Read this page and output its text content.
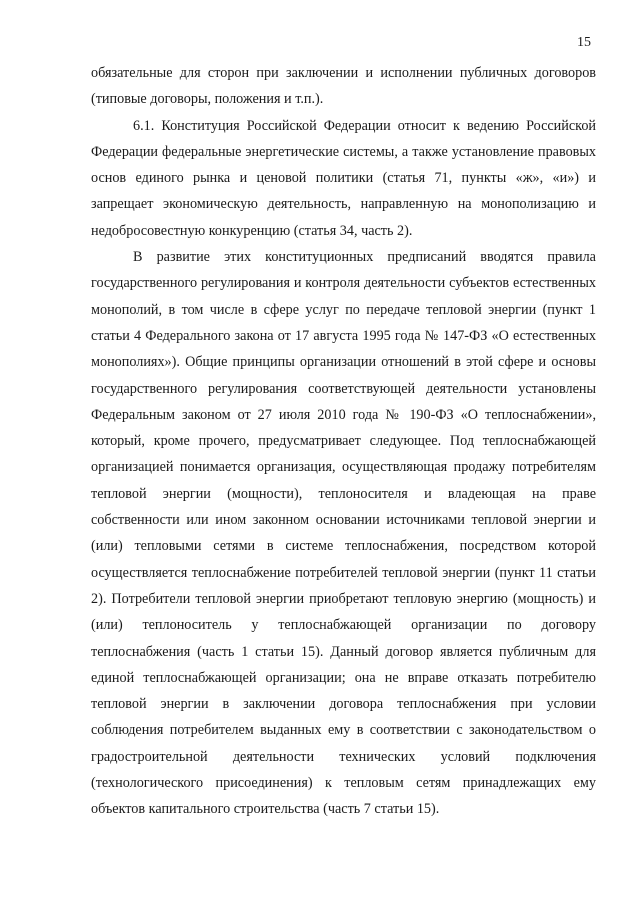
15

обязательные для сторон при заключении и исполнении публичных договоров (типовые договоры, положения и т.п.).

6.1. Конституция Российской Федерации относит к ведению Российской Федерации федеральные энергетические системы, а также установление правовых основ единого рынка и ценовой политики (статья 71, пункты «ж», «и») и запрещает экономическую деятельность, направленную на монополизацию и недобросовестную конкуренцию (статья 34, часть 2).

В развитие этих конституционных предписаний вводятся правила государственного регулирования и контроля деятельности субъектов естественных монополий, в том числе в сфере услуг по передаче тепловой энергии (пункт 1 статьи 4 Федерального закона от 17 августа 1995 года № 147-ФЗ «О естественных монополиях»). Общие принципы организации отношений в этой сфере и основы государственного регулирования соответствующей деятельности установлены Федеральным законом от 27 июля 2010 года № 190-ФЗ «О теплоснабжении», который, кроме прочего, предусматривает следующее. Под теплоснабжающей организацией понимается организация, осуществляющая продажу потребителям тепловой энергии (мощности), теплоносителя и владеющая на праве собственности или ином законном основании источниками тепловой энергии и (или) тепловыми сетями в системе теплоснабжения, посредством которой осуществляется теплоснабжение потребителей тепловой энергии (пункт 11 статьи 2). Потребители тепловой энергии приобретают тепловую энергию (мощность) и (или) теплоноситель у теплоснабжающей организации по договору теплоснабжения (часть 1 статьи 15). Данный договор является публичным для единой теплоснабжающей организации; она не вправе отказать потребителю тепловой энергии в заключении договора теплоснабжения при условии соблюдения потребителем выданных ему в соответствии с законодательством о градостроительной деятельности технических условий подключения (технологического присоединения) к тепловым сетям принадлежащих ему объектов капитального строительства (часть 7 статьи 15).
